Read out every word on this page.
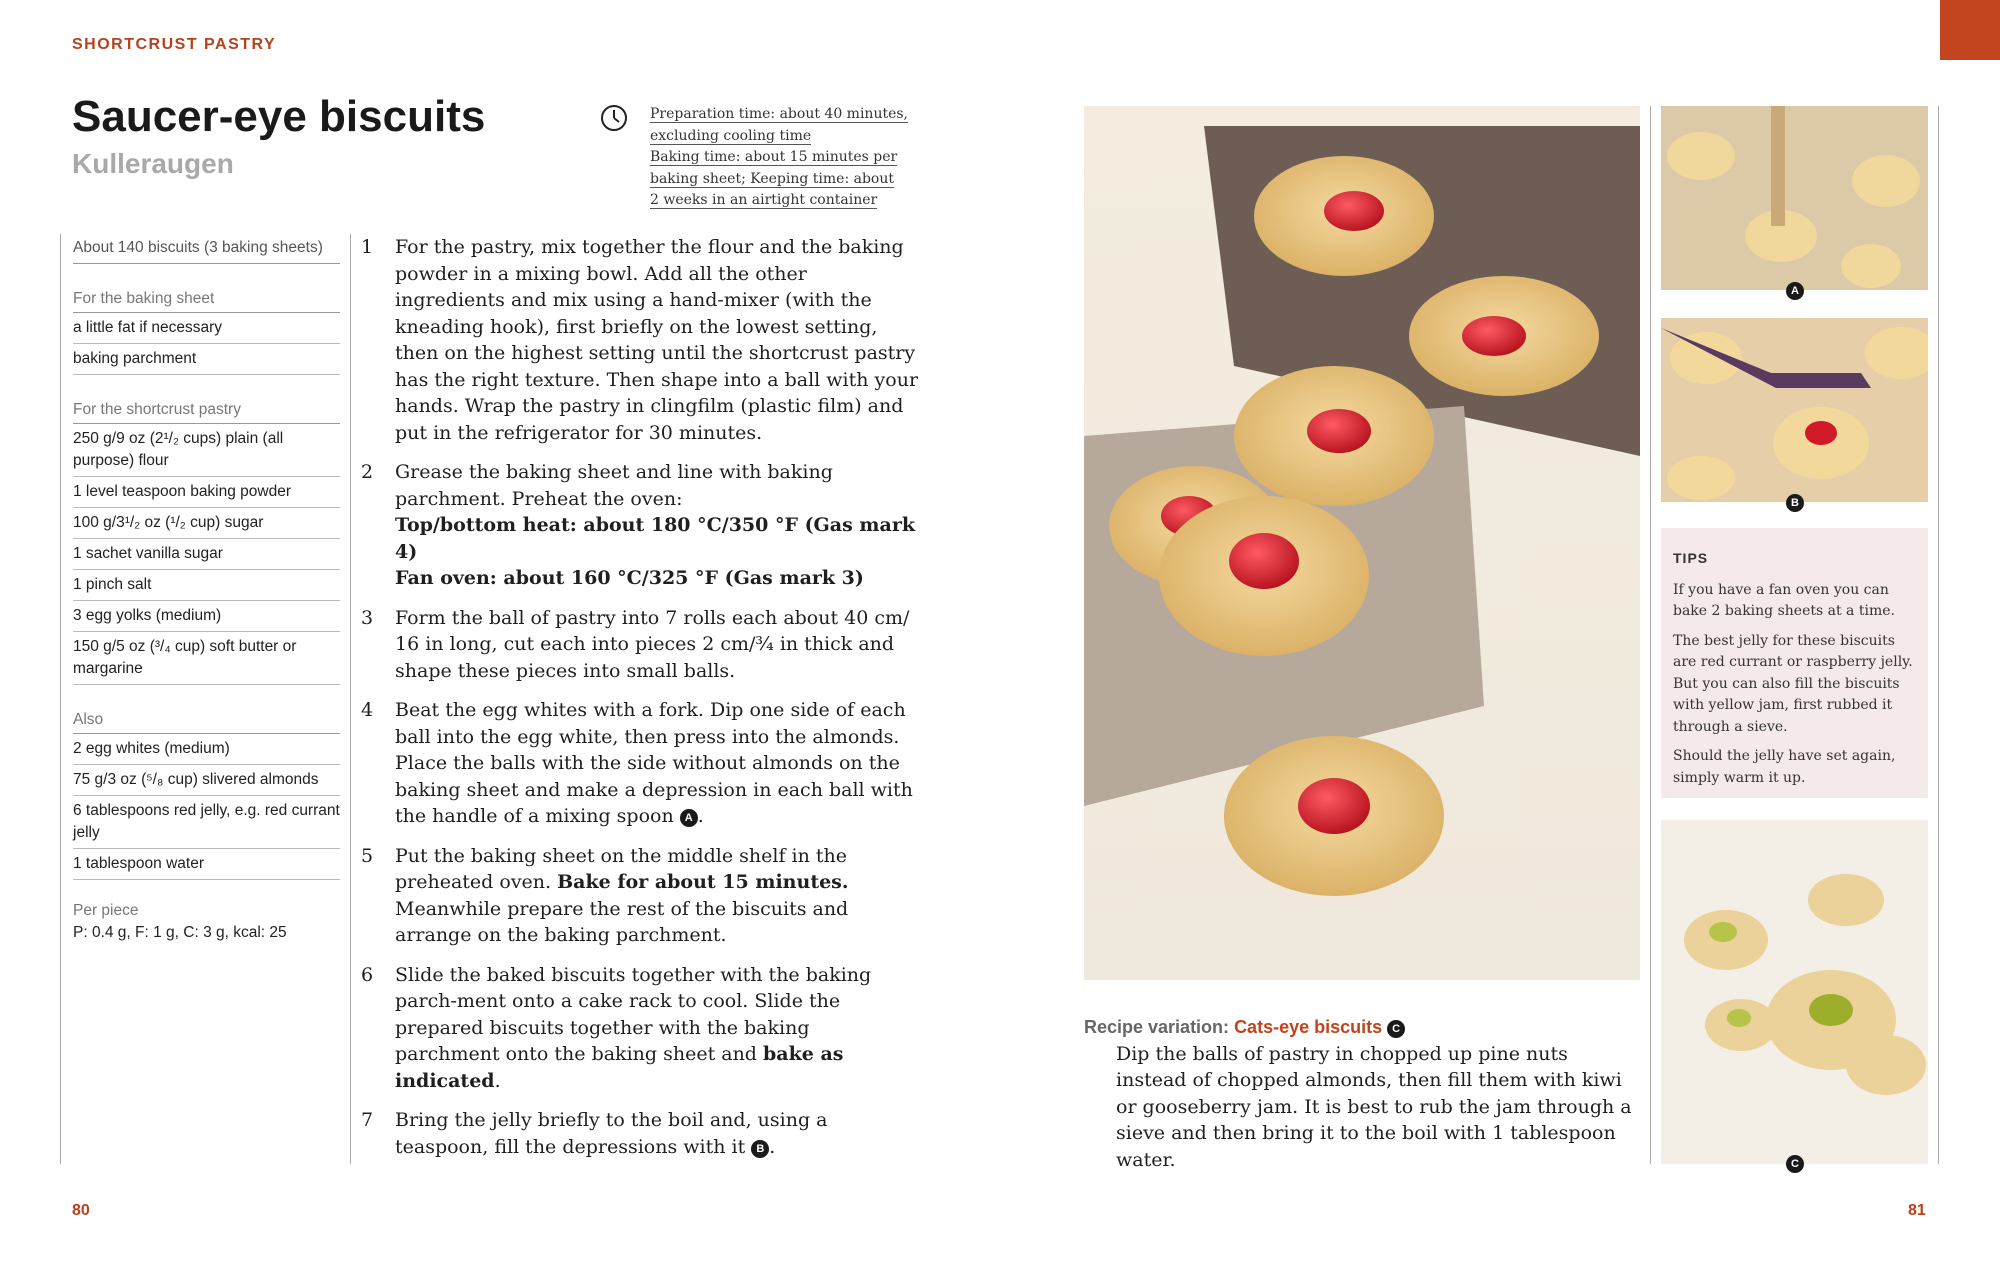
SHORTCRUST PASTRY
Saucer-eye biscuits
Kulleraugen
Preparation time: about 40 minutes,
excluding cooling time
Baking time: about 15 minutes per
baking sheet; Keeping time: about
2 weeks in an airtight container
About 140 biscuits (3 baking sheets)
For the baking sheet
a little fat if necessary
baking parchment
For the shortcrust pastry
250 g/9 oz (2¹/₂ cups) plain (all purpose) flour
1 level teaspoon baking powder
100 g/3¹/₂ oz (¹/₂ cup) sugar
1 sachet vanilla sugar
1 pinch salt
3 egg yolks (medium)
150 g/5 oz (³/₄ cup) soft butter or margarine
Also
2 egg whites (medium)
75 g/3 oz (⁵/₈ cup) slivered almonds
6 tablespoons red jelly, e.g. red currant jelly
1 tablespoon water
Per piece
P: 0.4 g, F: 1 g, C: 3 g, kcal: 25
1	For the pastry, mix together the flour and the baking powder in a mixing bowl. Add all the other ingredients and mix using a hand-mixer (with the kneading hook), first briefly on the lowest setting, then on the highest setting until the shortcrust pastry has the right texture. Then shape into a ball with your hands. Wrap the pastry in clingfilm (plastic film) and put in the refrigerator for 30 minutes.
2	Grease the baking sheet and line with baking parchment. Preheat the oven:
Top/bottom heat: about 180 °C/350 °F (Gas mark 4)
Fan oven: about 160 °C/325 °F (Gas mark 3)
3	Form the ball of pastry into 7 rolls each about 40 cm/ 16 in long, cut each into pieces 2 cm/¾ in thick and shape these pieces into small balls.
4	Beat the egg whites with a fork. Dip one side of each ball into the egg white, then press into the almonds. Place the balls with the side without almonds on the baking sheet and make a depression in each ball with the handle of a mixing spoon A .
5	Put the baking sheet on the middle shelf in the preheated oven. Bake for about 15 minutes. Meanwhile prepare the rest of the biscuits and arrange on the baking parchment.
6	Slide the baked biscuits together with the baking parch-ment onto a cake rack to cool. Slide the prepared biscuits together with the baking parchment onto the baking sheet and bake as indicated.
7	Bring the jelly briefly to the boil and, using a teaspoon, fill the depressions with it B .
80	81
Recipe variation: Cats-eye biscuits C
Dip the balls of pastry in chopped up pine nuts instead of chopped almonds, then fill them with kiwi or gooseberry jam. It is best to rub the jam through a sieve and then bring it to the boil with 1 tablespoon water.
A
B
TIPS

If you have a fan oven you can bake 2 baking sheets at a time.

The best jelly for these biscuits are red currant or raspberry jelly. But you can also fill the biscuits with yellow jam, first rubbed it through a sieve.

Should the jelly have set again, simply warm it up.

C
